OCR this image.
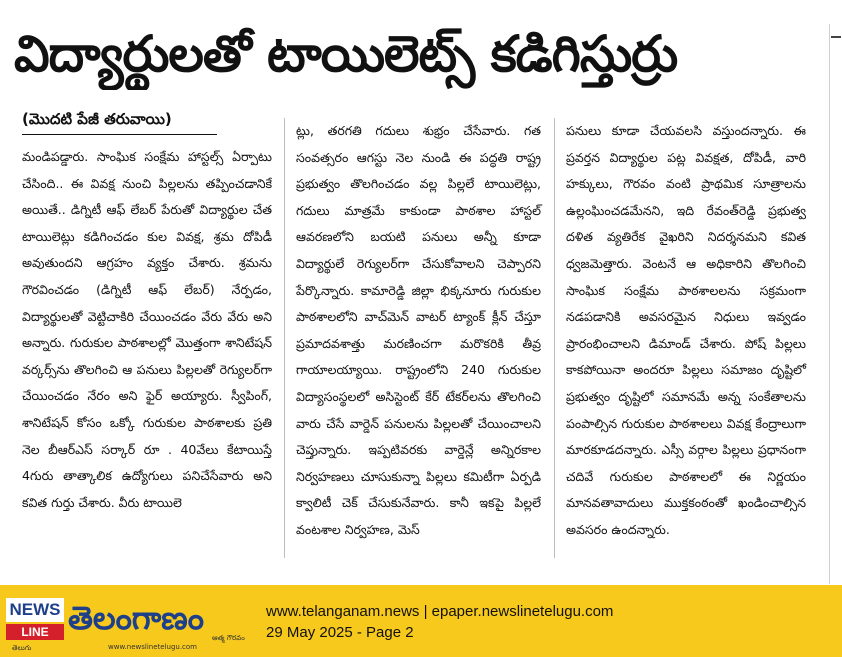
విద్యార్థులతో టాయిలెట్స్ కడిగిస్తుర్రు
(మొదటి పేజీ తరువాయి)
మండిపడ్డారు. సాంఘిక సంక్షేమ హాస్టల్స్ ఏర్పాటు చేసింది.. ఈ వివక్ష నుంచి పిల్లలను తప్పించడానికే అయితే.. డిగ్నిటీ ఆఫ్ లేబర్ పేరుతో విద్యార్థుల చేత టాయిలెట్లు కడిగించడం కుల వివక్ష, శ్రమ దోపిడీ అవుతుందని ఆగ్రహం వ్యక్తం చేశారు. శ్రమను గౌరవించడం (డిగ్నిటీ ఆఫ్ లేబర్) నేర్పడం, విద్యార్థులతో వెట్టిచాకిరి చేయించడం వేరు వేరు అని అన్నారు. గురుకుల పాఠశాలల్లో మొత్తంగా శానిటేషన్ వర్కర్స్‌ను తొలగించి ఆ పనులు పిల్లలతో రెగ్యులర్‌గా చేయించడం నేరం అని ఫైర్ అయ్యారు. స్వీపింగ్, శానిటేషన్ కోసం ఒక్కో గురుకుల పాఠశాలకు ప్రతి నెల బీఆర్ఎస్ సర్కార్ రూ . 40వేలు కేటాయిస్తే 4గురు తాత్కాలిక ఉద్యోగులు పనిచేసేవారు అని కవిత గుర్తు చేశారు. వీరు టాయిలె
ట్లు, తరగతి గదులు శుభ్రం చేసేవారు. గత సంవత్సరం ఆగస్టు నెల నుండి ఈ పద్ధతి రాష్ట్ర ప్రభుత్వం తొలగించడం వల్ల పిల్లలే టాయిలెట్లు, గదులు మాత్రమే కాకుండా పాఠశాల హాస్టల్ ఆవరణలోని బయటి పనులు అన్నీ కూడా విద్యార్థులే రెగ్యులర్‌గా చేసుకోవాలని చెప్పారని పేర్కొన్నారు. కామారెడ్డి జిల్లా భిక్కనూరు గురుకుల పాఠశాలలోని వాచ్‌మెన్ వాటర్ ట్యాంక్ క్లీన్ చేస్తూ ప్రమాదవశాత్తు మరణించగా మరొకరికి తీవ్ర గాయాలయ్యాయి. రాష్ట్రంలోని 240 గురుకుల విద్యాసంస్థలలో అసిస్టెంట్ కేర్ టేకర్‌లను తొలగించి వారు చేసే వార్డెన్ పనులను పిల్లలతో చేయించాలని చెప్తున్నారు. ఇప్పటివరకు వార్డెన్లే అన్నిరకాల నిర్వహణలు చూసుకున్నా పిల్లలు కమిటీగా ఏర్పడి క్వాలిటీ చెక్ చేసుకునేవారు. కానీ ఇకపై పిల్లలే వంటశాల నిర్వహణ, మెస్
పనులు కూడా చేయవలసి వస్తుందన్నారు. ఈ ప్రవర్తన విద్యార్థుల పట్ల వివక్షత, దోపిడీ, వారి హక్కులు, గౌరవం వంటి ప్రాథమిక సూత్రాలను ఉల్లంఘించడమేనని, ఇది రేవంత్‌రెడ్డి ప్రభుత్వ దళిత వ్యతిరేక వైఖరిని నిదర్శనమని కవిత ధ్వజమెత్తారు. వెంటనే ఆ అధికారిని తొలగించి సాంఘిక సంక్షేమ పాఠశాలలను సక్రమంగా నడపడానికి అవసరమైన నిధులు ఇవ్వడం ప్రారంభించాలని డిమాండ్ చేశారు. పోష్ పిల్లలు కాకపోయినా అందరూ పిల్లలు సమాజం దృష్టిలో ప్రభుత్వం దృష్టిలో సమానమే అన్న సంకేతాలను పంపాల్సిన గురుకుల పాఠశాలలు వివక్ష కేంద్రాలుగా మారకూడదన్నారు. ఎస్సీ వర్గాల పిల్లలు ప్రధానంగా చదివే గురుకుల పాఠశాలలో ఈ నిర్ణయం మానవతావాదులు ముక్తకంఠంతో ఖండించాల్సిన అవసరం ఉందన్నారు.
NEWS
LINE తెలంగాణం
తెలుగు	www.newslinetelugu.com
ఆత్మ గౌరవం
www.telanganam.news | epaper.newslinetelugu.com
29 May 2025 - Page 2
